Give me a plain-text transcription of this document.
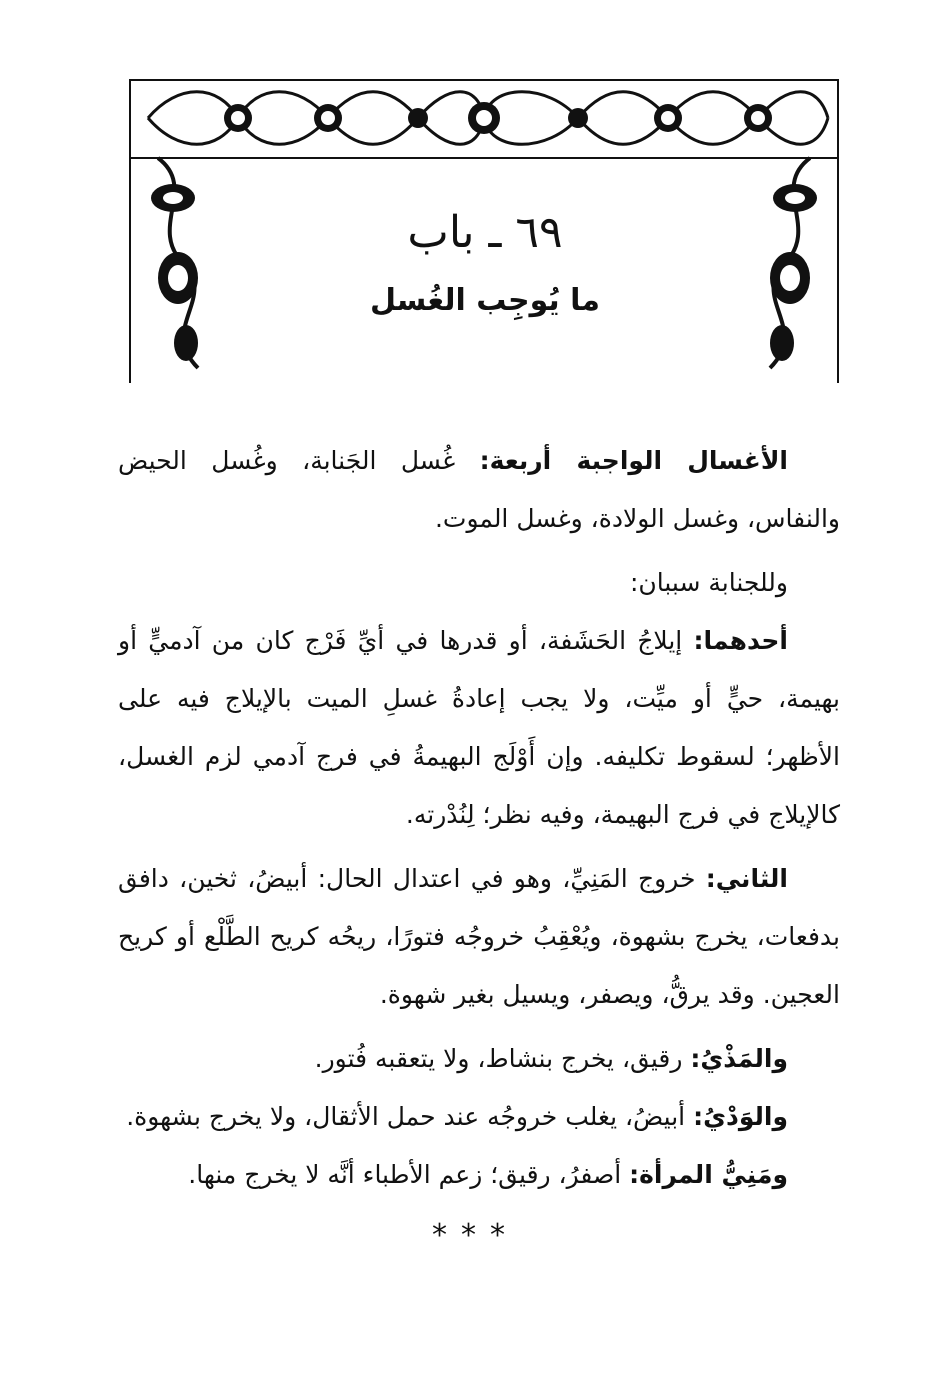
٦٩ ـ باب
ما يُوجِب الغُسل

الأغسال الواجبة أربعة: غُسل الجَنابة، وغُسل الحيض والنفاس، وغسل الولادة، وغسل الموت.

وللجنابة سببان:

أحدهما: إيلاجُ الحَشَفة، أو قدرها في أيِّ فَرْج كان من آدميٍّ أو بهيمة، حيٍّ أو ميِّت، ولا يجب إعادةُ غسلِ الميت بالإيلاج فيه على الأظهر؛ لسقوط تكليفه. وإن أَوْلَج البهيمةُ في فرج آدمي لزم الغسل، كالإيلاج في فرج البهيمة، وفيه نظر؛ لِنُدْرته.

الثاني: خروج المَنِيِّ، وهو في اعتدال الحال: أبيضُ، ثخين، دافق بدفعات، يخرج بشهوة، ويُعْقِبُ خروجُه فتورًا، ريحُه كريح الطَّلْع أو كريح العجين. وقد يرقُّ، ويصفر، ويسيل بغير شهوة.

والمَذْيُ: رقيق، يخرج بنشاط، ولا يتعقبه فُتور.

والوَدْيُ: أبيضُ، يغلب خروجُه عند حمل الأثقال، ولا يخرج بشهوة.

ومَنِيُّ المرأة: أصفرُ، رقيق؛ زعم الأطباء أنَّه لا يخرج منها.

***
